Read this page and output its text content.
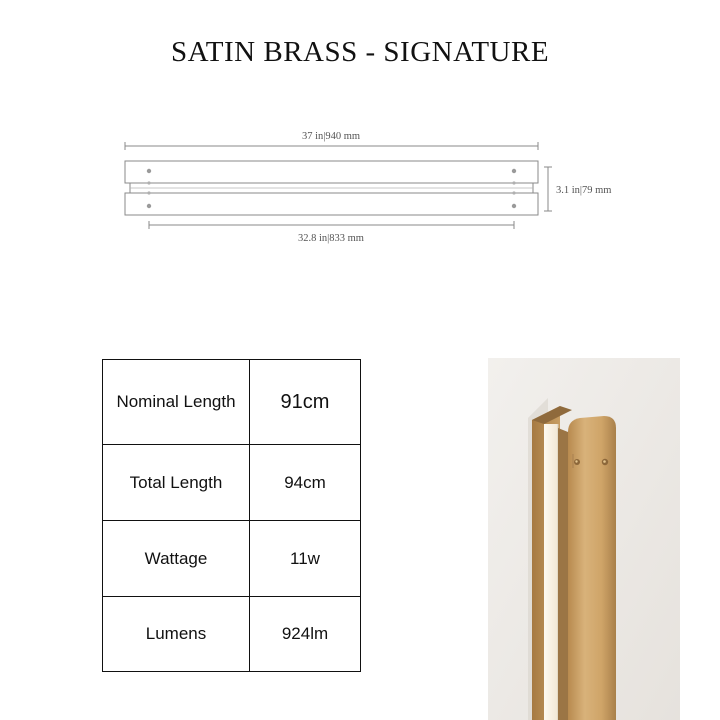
SATIN BRASS - SIGNATURE
37 in|940 mm
3.1 in|79 mm
32.8 in|833 mm
Nominal Length	91cm
Total Length	94cm
Wattage	11w
Lumens	924lm
